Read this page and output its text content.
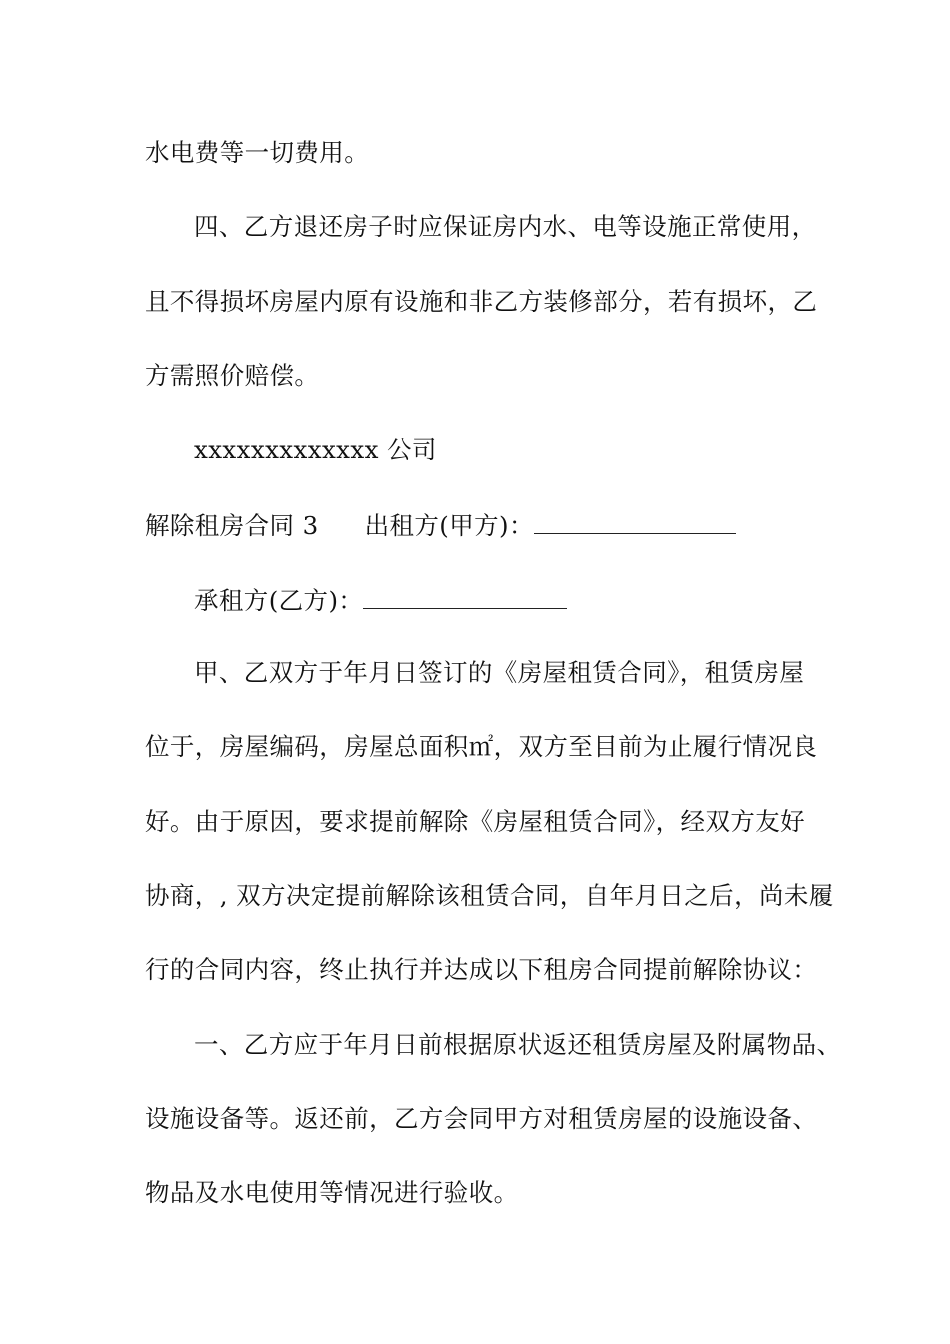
水电费等一切费用。
四、乙方退还房子时应保证房内水、电等设施正常使用，
且不得损坏房屋内原有设施和非乙方装修部分，若有损坏，乙
方需照价赔偿。
xxxxxxxxxxxxx 公司
解除租房合同 3 出租方(甲方)：
承租方(乙方)：
甲、乙双方于年月日签订的《房屋租赁合同》，租赁房屋
位于，房屋编码，房屋总面积㎡，双方至目前为止履行情况良
好。由于原因，要求提前解除《房屋租赁合同》，经双方友好
协商，, 双方决定提前解除该租赁合同，自年月日之后，尚未履
行的合同内容，终止执行并达成以下租房合同提前解除协议：
一、乙方应于年月日前根据原状返还租赁房屋及附属物品、
设施设备等。返还前，乙方会同甲方对租赁房屋的设施设备、
物品及水电使用等情况进行验收。
